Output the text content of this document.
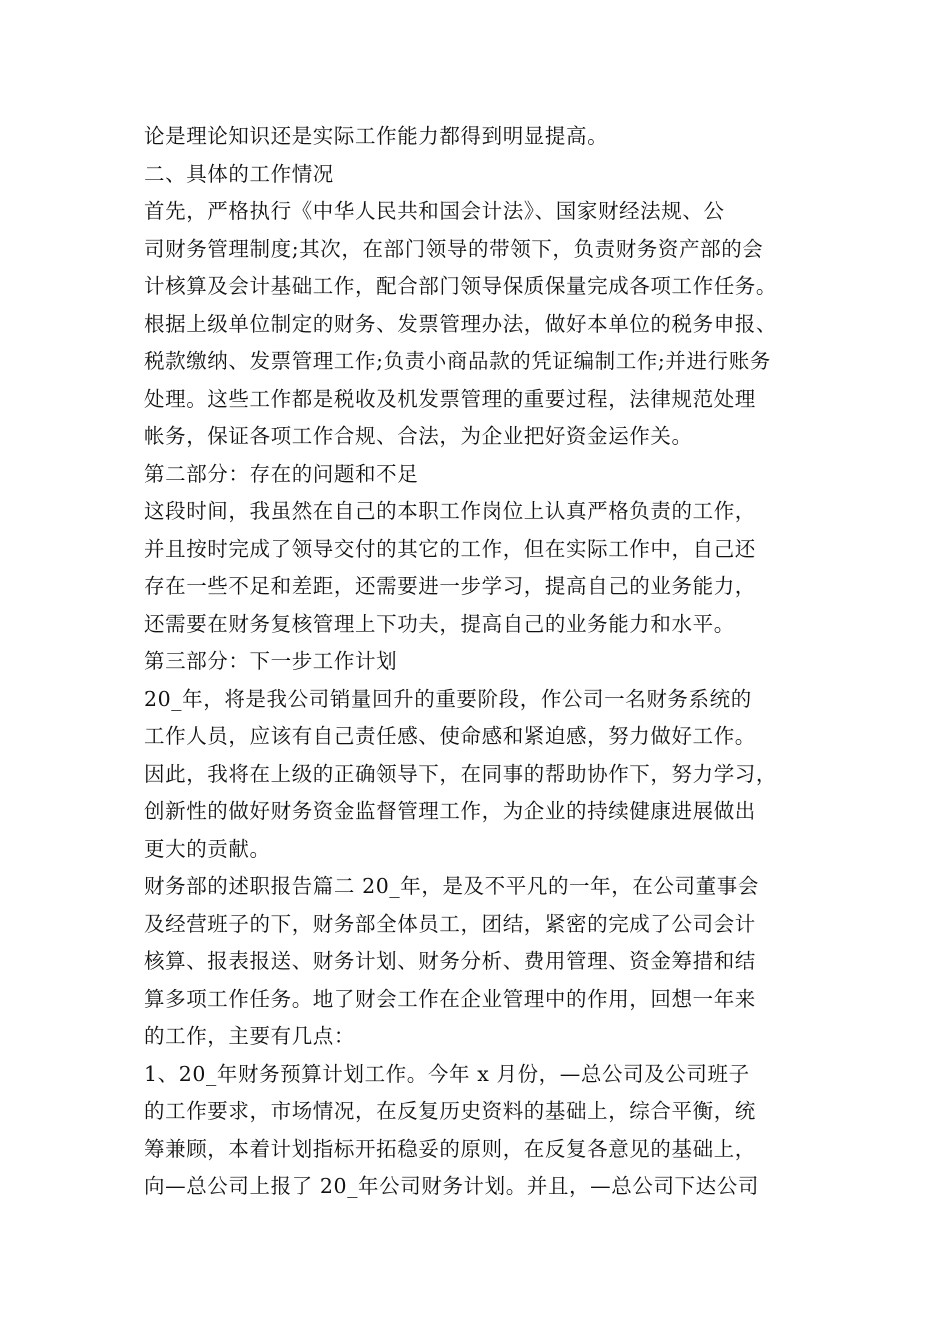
论是理论知识还是实际工作能力都得到明显提高。
二、具体的工作情况
首先，严格执行《中华人民共和国会计法》、国家财经法规、公
司财务管理制度;其次，在部门领导的带领下，负责财务资产部的会
计核算及会计基础工作，配合部门领导保质保量完成各项工作任务。
根据上级单位制定的财务、发票管理办法，做好本单位的税务申报、
税款缴纳、发票管理工作;负责小商品款的凭证编制工作;并进行账务
处理。这些工作都是税收及机发票管理的重要过程，法律规范处理
帐务，保证各项工作合规、合法，为企业把好资金运作关。
第二部分：存在的问题和不足
这段时间，我虽然在自己的本职工作岗位上认真严格负责的工作，
并且按时完成了领导交付的其它的工作，但在实际工作中，自己还
存在一些不足和差距，还需要进一步学习，提高自己的业务能力，
还需要在财务复核管理上下功夫，提高自己的业务能力和水平。
第三部分：下一步工作计划
20_年，将是我公司销量回升的重要阶段，作公司一名财务系统的
工作人员，应该有自己责任感、使命感和紧迫感，努力做好工作。
因此，我将在上级的正确领导下，在同事的帮助协作下，努力学习，
创新性的做好财务资金监督管理工作，为企业的持续健康进展做出
更大的贡献。
财务部的述职报告篇二 20_年，是及不平凡的一年，在公司董事会
及经营班子的下，财务部全体员工，团结，紧密的完成了公司会计
核算、报表报送、财务计划、财务分析、费用管理、资金筹措和结
算多项工作任务。地了财会工作在企业管理中的作用，回想一年来
的工作，主要有几点：
1、20_年财务预算计划工作。今年 x 月份，—总公司及公司班子
的工作要求，市场情况，在反复历史资料的基础上，综合平衡，统
筹兼顾，本着计划指标开拓稳妥的原则，在反复各意见的基础上，
向—总公司上报了 20_年公司财务计划。并且，—总公司下达公司
